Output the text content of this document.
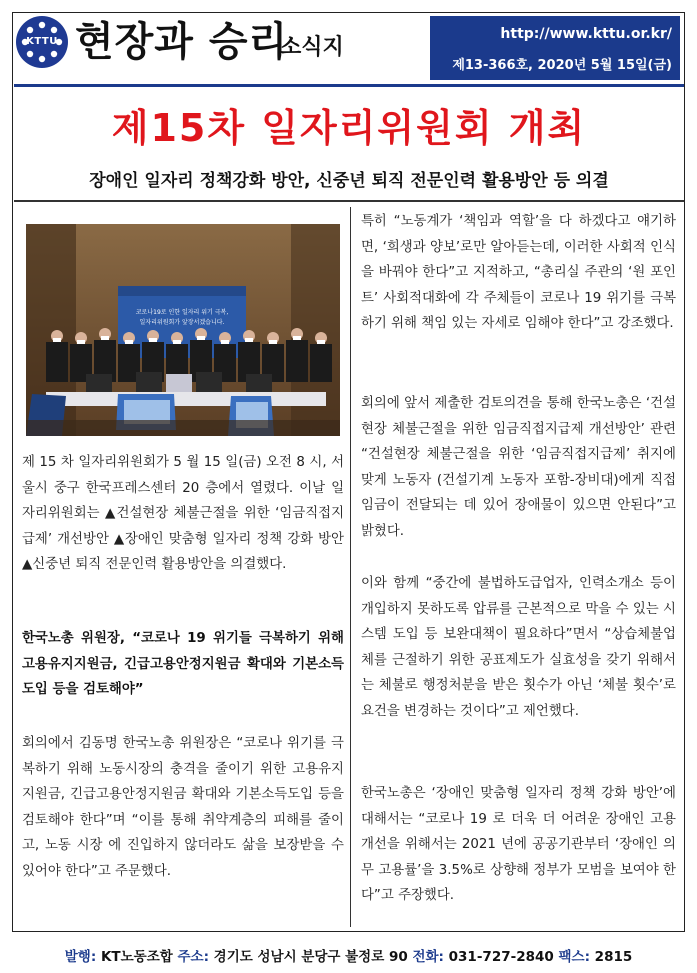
KTTU 현장과 승리
소식지	http://www.kttu.or.kr/
제13-366호, 2020년 5월 15일(금)
제15차 일자리위원회 개최
장애인 일자리 정책강화 방안, 신중년 퇴직 전문인력 활용방안 등 의결
코로나19로 인한 일자리 위기 극복,
일자리위원회가 앞장서겠습니다.

제 15 차 일자리위원회가 5 월 15 일(금) 오전 8 시, 서울시 중구 한국프레스센터 20 층에서 열렸다. 이날 일자리위원회는 ▲건설현장 체불근절을 위한 ‘임금직접지급제’ 개선방안 ▲장애인 맞춤형 일자리 정책 강화 방안 ▲신중년 퇴직 전문인력 활용방안을 의결했다.

한국노총 위원장, “코로나 19 위기들 극복하기 위해 고용유지지원금, 긴급고용안정지원금 확대와 기본소득 도입 등을 검토해야”

회의에서 김동명 한국노총 위원장은 “코로나 위기를 극복하기 위해 노동시장의 충격을 줄이기 위한 고용유지지원금, 긴급고용안정지원금 확대와 기본소득도입 등을 검토해야 한다”며 “이를 통해 취약계층의 피해를 줄이고, 노동 시장 에 진입하지 않더라도 삶을 보장받을 수 있어야 한다”고 주문했다.

특히 “노동계가 ‘책임과 역할’을 다 하겠다고 얘기하면, ‘희생과 양보’로만 알아듣는데, 이러한 사회적 인식을 바꿔야 한다”고 지적하고, “총리실 주관의 ‘원 포인트’ 사회적대화에 각 주체들이 코로나 19 위기를 극복하기 위해 책임 있는 자세로 임해야 한다”고 강조했다.

회의에 앞서 제출한 검토의견을 통해 한국노총은 ‘건설현장 체불근절을 위한 임금직접지급제 개선방안’ 관련 “건설현장 체불근절을 위한 ‘임금직접지급제’ 취지에 맞게 노동자 (건설기계 노동자 포함-장비대)에게 직접 임금이 전달되는 데 있어 장애물이 있으면 안된다”고 밝혔다.

이와 함께 “중간에 불법하도급업자, 인력소개소 등이 개입하지 못하도록 압류를 근본적으로 막을 수 있는 시스템 도입 등 보완대책이 필요하다”면서 “상습체불업체를 근절하기 위한 공표제도가 실효성을 갖기 위해서는 체불로 행정처분을 받은 횟수가 아닌 ‘체불 횟수’로 요건을 변경하는 것이다”고 제언했다.

한국노총은 ‘장애인 맞춤형 일자리 정책 강화 방안’에 대해서는 “코로나 19 로 더욱 더 어려운 장애인 고용개선을 위해서는 2021 년에 공공기관부터 ‘장애인 의무 고용률’을 3.5%로 상향해 정부가 모범을 보여야 한다”고 주장했다.

발행: KT노동조합 주소: 경기도 성남시 분당구 불정로 90 전화: 031-727-2840 팩스: 2815
